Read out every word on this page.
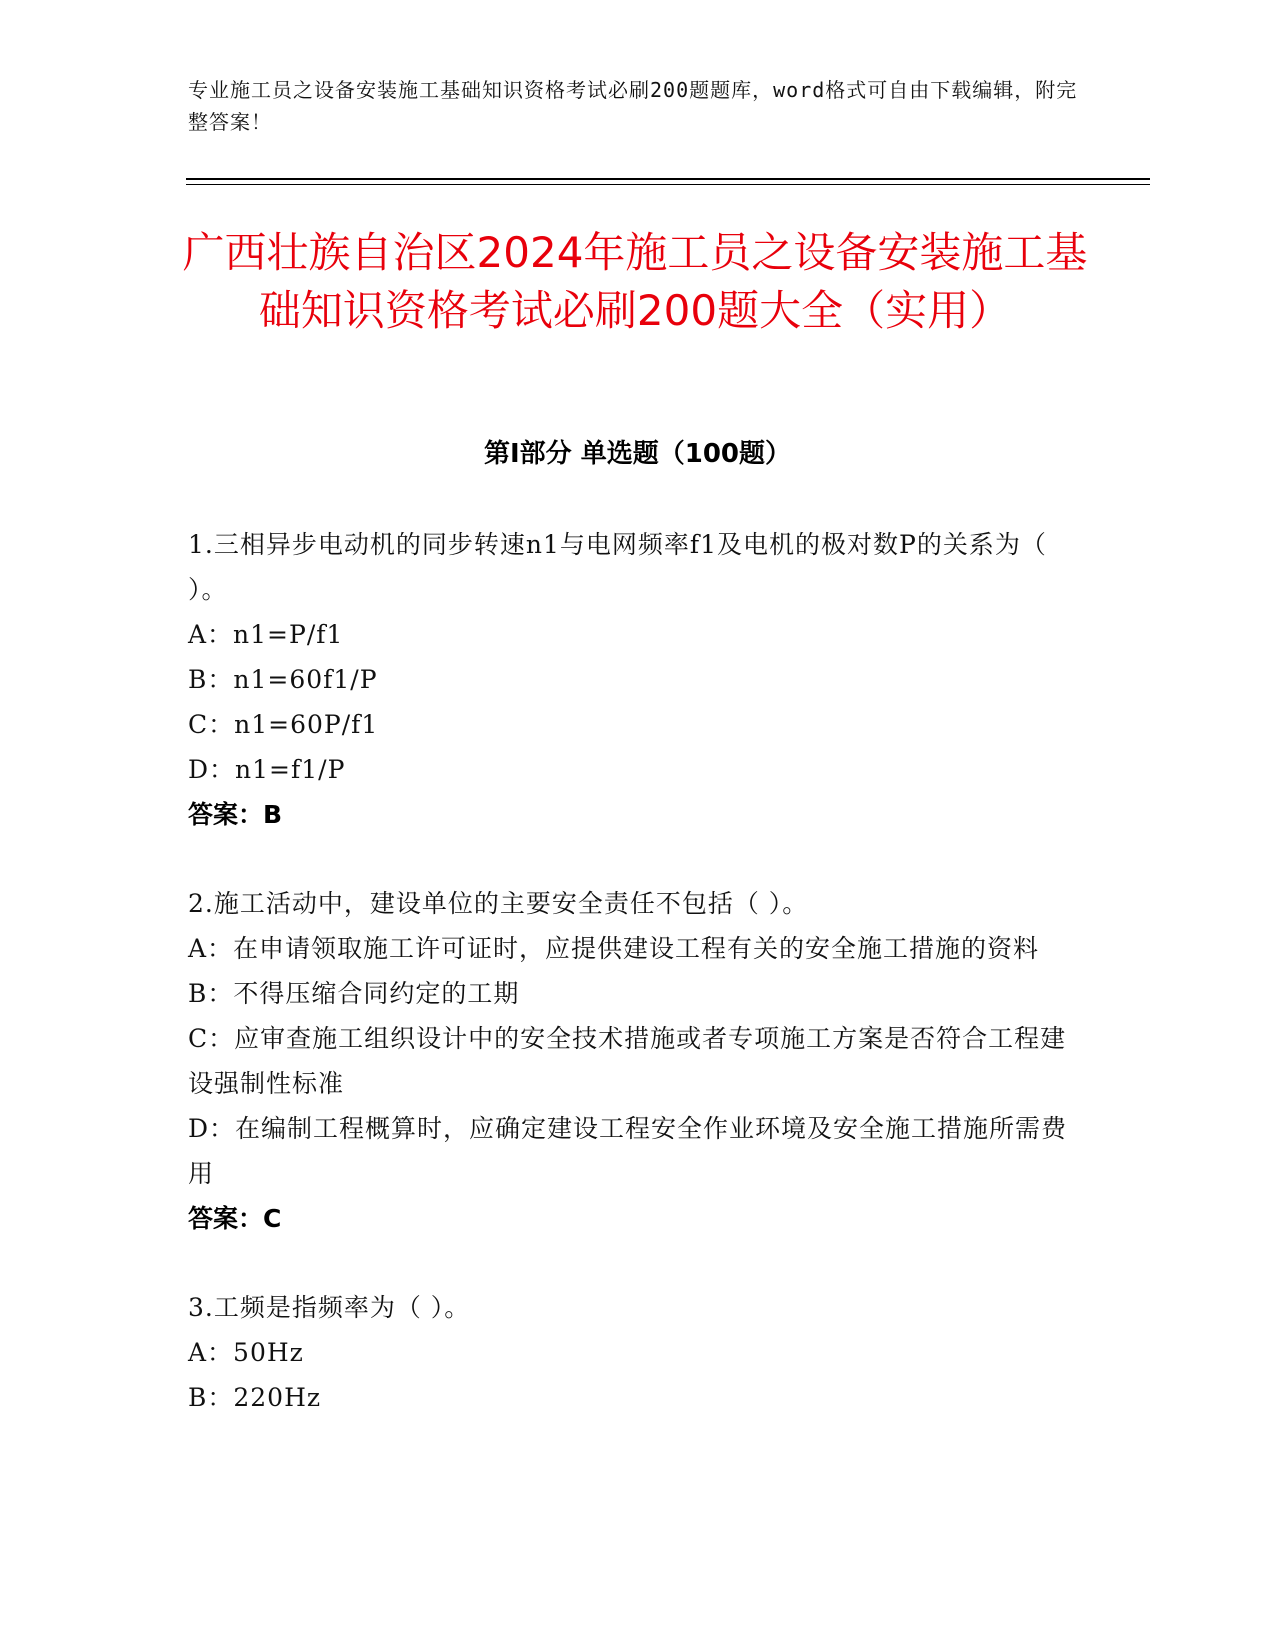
专业施工员之设备安装施工基础知识资格考试必刷200题题库，word格式可自由下载编辑，附完整答案！
广西壮族自治区2024年施工员之设备安装施工基础知识资格考试必刷200题大全（实用）
第Ⅰ部分 单选题（100题）
1.三相异步电动机的同步转速n1与电网频率f1及电机的极对数P的关系为（ ）。
A：n1=P/f1
B：n1=60f1/P
C：n1=60P/f1
D：n1=f1/P
答案：B
2.施工活动中，建设单位的主要安全责任不包括（ ）。
A：在申请领取施工许可证时，应提供建设工程有关的安全施工措施的资料
B：不得压缩合同约定的工期
C：应审查施工组织设计中的安全技术措施或者专项施工方案是否符合工程建设强制性标准
D：在编制工程概算时，应确定建设工程安全作业环境及安全施工措施所需费用
答案：C
3.工频是指频率为（ ）。
A：50Hz
B：220Hz
